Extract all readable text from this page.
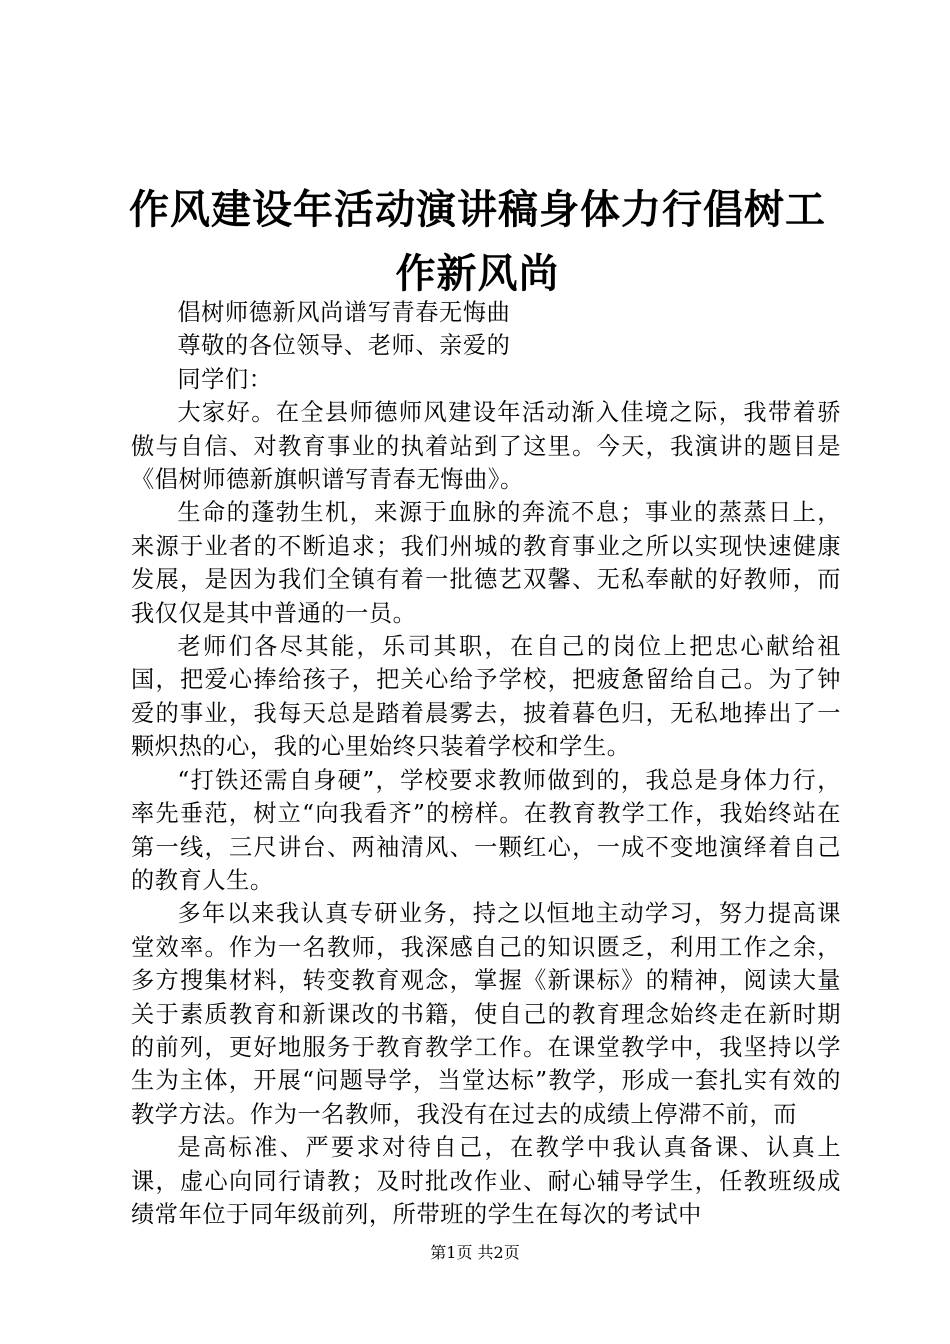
作风建设年活动演讲稿身体力行倡树工作新风尚

倡树师德新风尚谱写青春无悔曲

尊敬的各位领导、老师、亲爱的

同学们：

大家好。在全县师德师风建设年活动渐入佳境之际，我带着骄傲与自信、对教育事业的执着站到了这里。今天，我演讲的题目是《倡树师德新旗帜谱写青春无悔曲》。

生命的蓬勃生机，来源于血脉的奔流不息；事业的蒸蒸日上，来源于业者的不断追求；我们州城的教育事业之所以实现快速健康发展，是因为我们全镇有着一批德艺双馨、无私奉献的好教师，而我仅仅是其中普通的一员。

老师们各尽其能，乐司其职，在自己的岗位上把忠心献给祖国，把爱心捧给孩子，把关心给予学校，把疲惫留给自己。为了钟爱的事业，我每天总是踏着晨雾去，披着暮色归，无私地捧出了一颗炽热的心，我的心里始终只装着学校和学生。

“打铁还需自身硬”，学校要求教师做到的，我总是身体力行，率先垂范，树立“向我看齐”的榜样。在教育教学工作，我始终站在第一线，三尺讲台、两袖清风、一颗红心，一成不变地演绎着自己的教育人生。

多年以来我认真专研业务，持之以恒地主动学习，努力提高课堂效率。作为一名教师，我深感自己的知识匮乏，利用工作之余，多方搜集材料，转变教育观念，掌握《新课标》的精神，阅读大量关于素质教育和新课改的书籍，使自己的教育理念始终走在新时期的前列，更好地服务于教育教学工作。在课堂教学中，我坚持以学生为主体，开展“问题导学，当堂达标”教学，形成一套扎实有效的教学方法。作为一名教师，我没有在过去的成绩上停滞不前，而

是高标准、严要求对待自己，在教学中我认真备课、认真上课，虚心向同行请教；及时批改作业、耐心辅导学生，任教班级成绩常年位于同年级前列，所带班的学生在每次的考试中

第1页 共2页
